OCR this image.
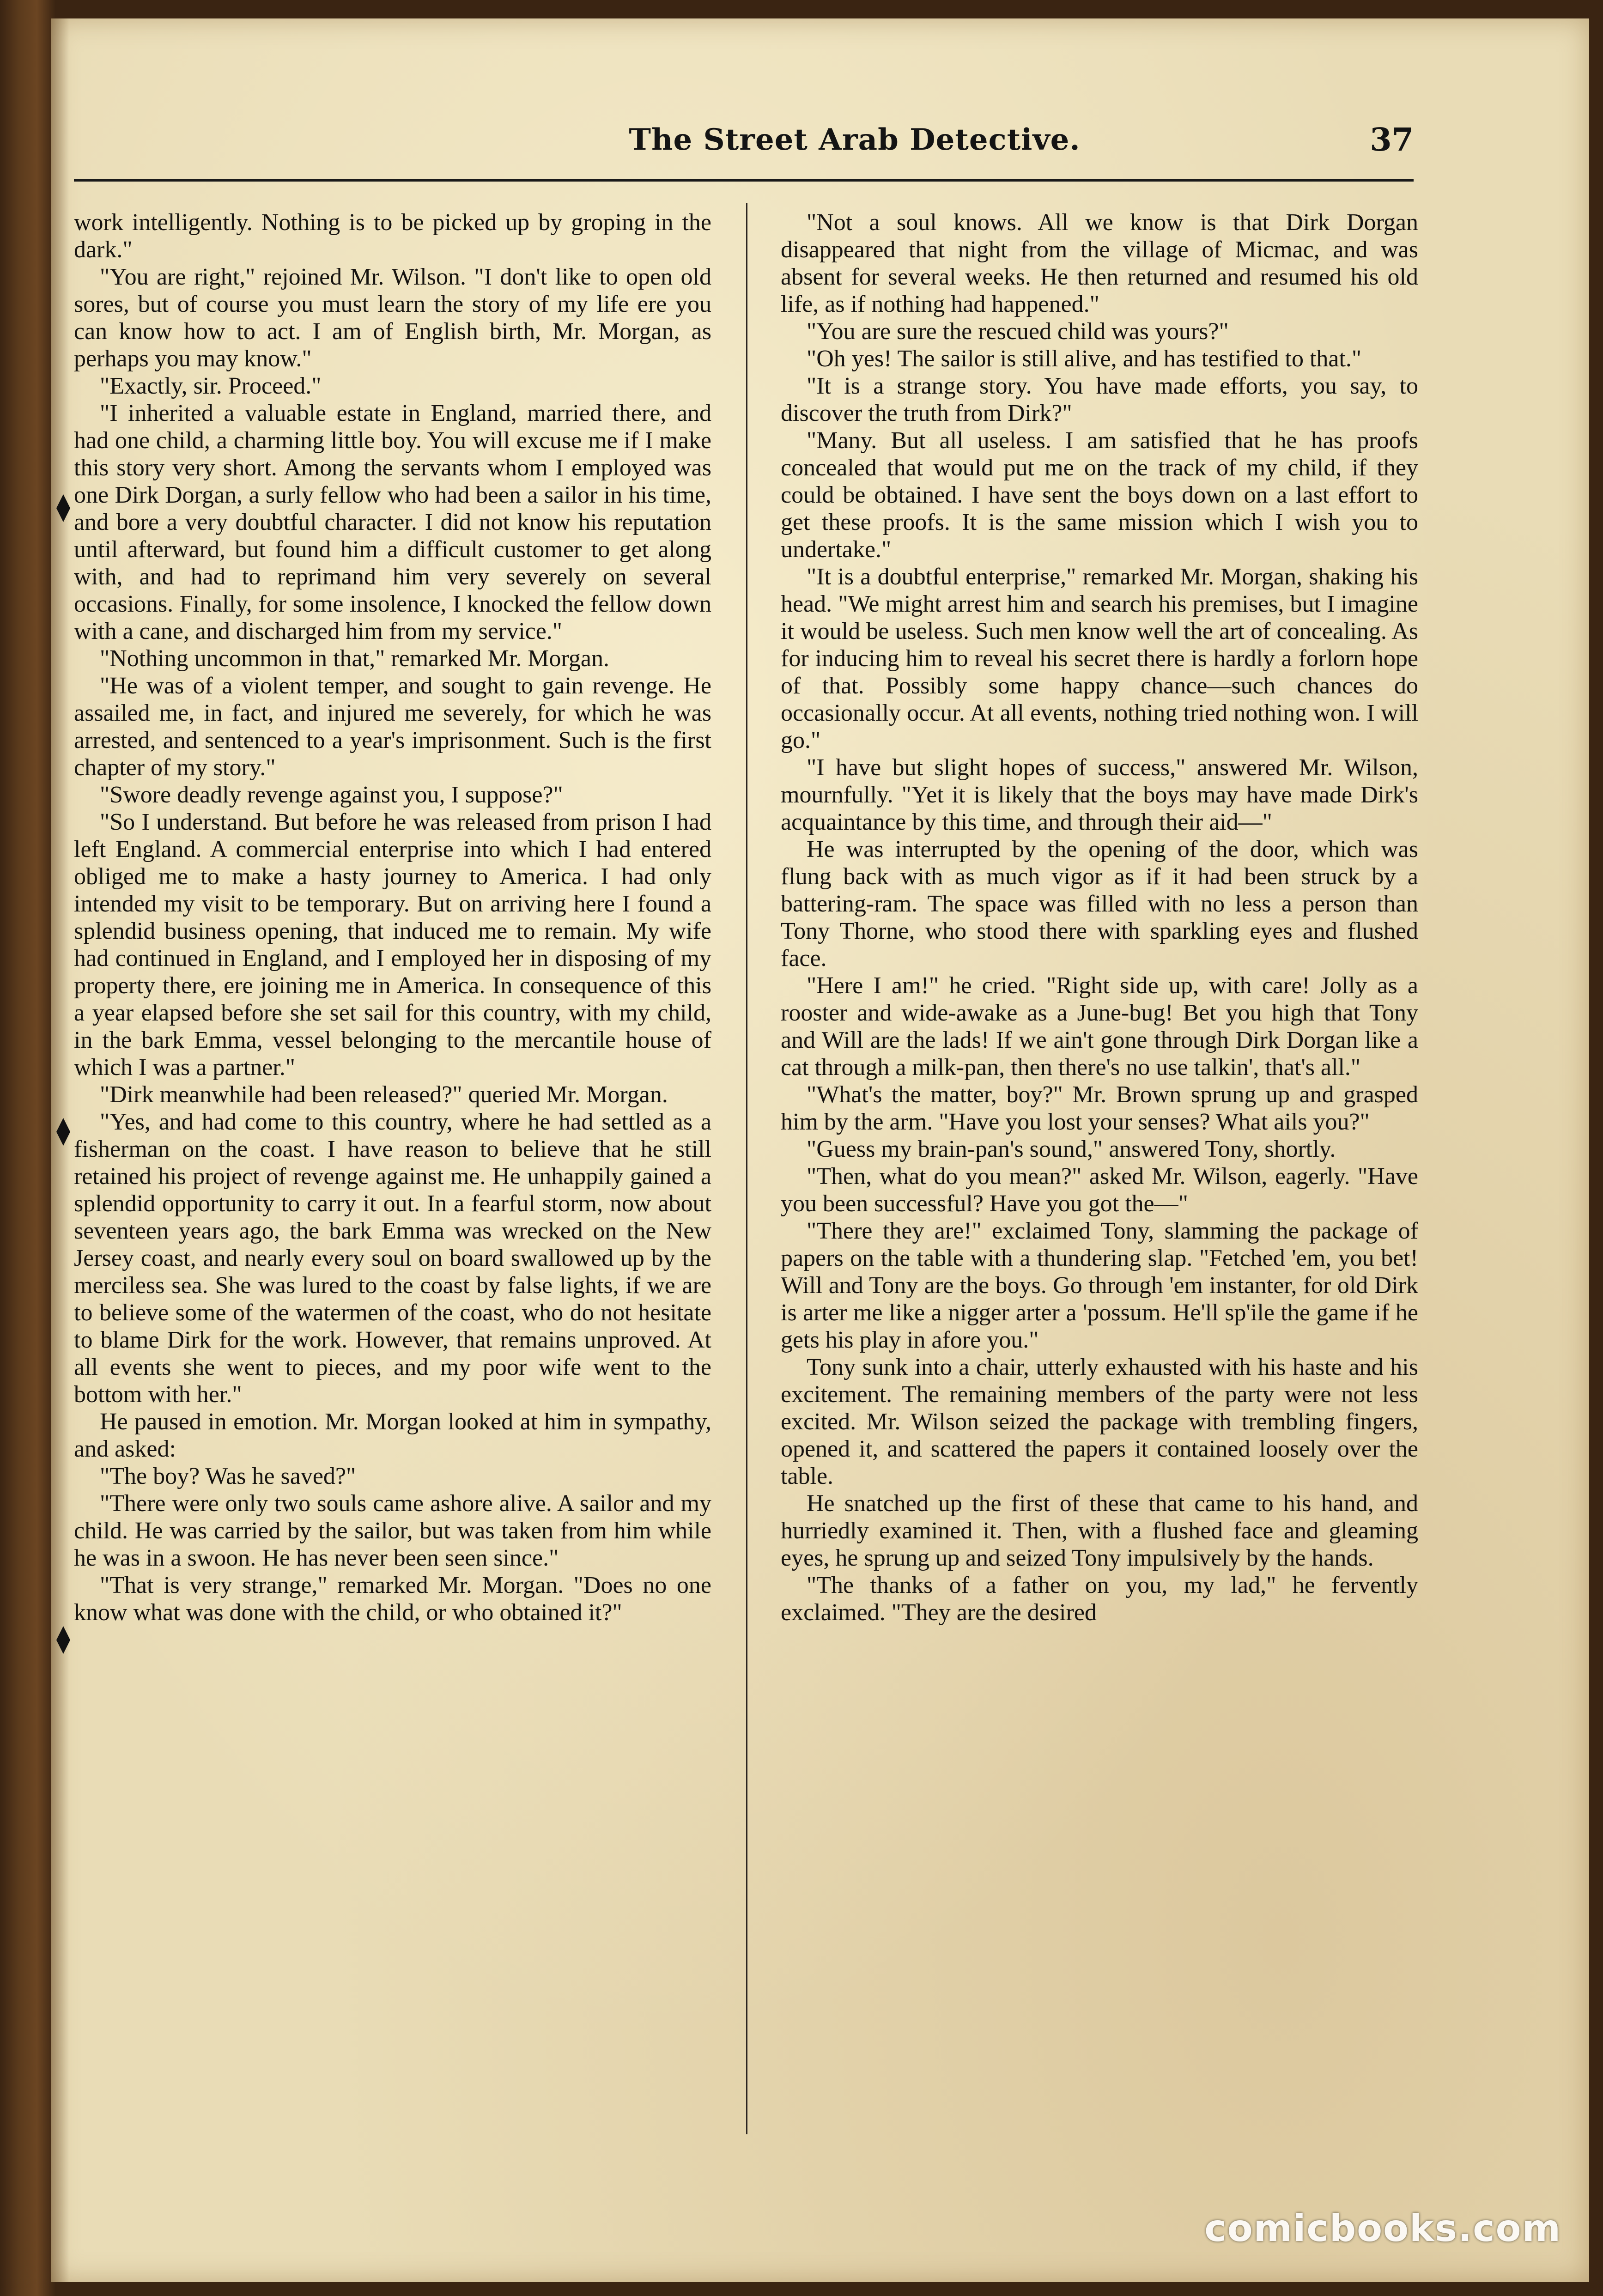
The Street Arab Detective.	37

work intelligently. Nothing is to be picked up by groping in the dark."

"You are right," rejoined Mr. Wilson. "I don't like to open old sores, but of course you must learn the story of my life ere you can know how to act. I am of English birth, Mr. Morgan, as perhaps you may know."

"Exactly, sir. Proceed."

"I inherited a valuable estate in England, married there, and had one child, a charming little boy. You will excuse me if I make this story very short. Among the servants whom I employed was one Dirk Dorgan, a surly fellow who had been a sailor in his time, and bore a very doubtful character. I did not know his reputation until afterward, but found him a difficult customer to get along with, and had to reprimand him very severely on several occasions. Finally, for some insolence, I knocked the fellow down with a cane, and discharged him from my service."

"Nothing uncommon in that," remarked Mr. Morgan.

"He was of a violent temper, and sought to gain revenge. He assailed me, in fact, and injured me severely, for which he was arrested, and sentenced to a year's imprisonment. Such is the first chapter of my story."

"Swore deadly revenge against you, I suppose?"

"So I understand. But before he was released from prison I had left England. A commercial enterprise into which I had entered obliged me to make a hasty journey to America. I had only intended my visit to be temporary. But on arriving here I found a splendid business opening, that induced me to remain. My wife had continued in England, and I employed her in disposing of my property there, ere joining me in America. In consequence of this a year elapsed before she set sail for this country, with my child, in the bark Emma, vessel belonging to the mercantile house of which I was a partner."

"Dirk meanwhile had been released?" queried Mr. Morgan.

"Yes, and had come to this country, where he had settled as a fisherman on the coast. I have reason to believe that he still retained his project of revenge against me. He unhappily gained a splendid opportunity to carry it out. In a fearful storm, now about seventeen years ago, the bark Emma was wrecked on the New Jersey coast, and nearly every soul on board swallowed up by the merciless sea. She was lured to the coast by false lights, if we are to believe some of the watermen of the coast, who do not hesitate to blame Dirk for the work. However, that remains unproved. At all events she went to pieces, and my poor wife went to the bottom with her."

He paused in emotion. Mr. Morgan looked at him in sympathy, and asked:

"The boy? Was he saved?"

"There were only two souls came ashore alive. A sailor and my child. He was carried by the sailor, but was taken from him while he was in a swoon. He has never been seen since."

"That is very strange," remarked Mr. Morgan. "Does no one know what was done with the child, or who obtained it?"

"Not a soul knows. All we know is that Dirk Dorgan disappeared that night from the village of Micmac, and was absent for several weeks. He then returned and resumed his old life, as if nothing had happened."

"You are sure the rescued child was yours?"

"Oh yes! The sailor is still alive, and has testified to that."

"It is a strange story. You have made efforts, you say, to discover the truth from Dirk?"

"Many. But all useless. I am satisfied that he has proofs concealed that would put me on the track of my child, if they could be obtained. I have sent the boys down on a last effort to get these proofs. It is the same mission which I wish you to undertake."

"It is a doubtful enterprise," remarked Mr. Morgan, shaking his head. "We might arrest him and search his premises, but I imagine it would be useless. Such men know well the art of concealing. As for inducing him to reveal his secret there is hardly a forlorn hope of that. Possibly some happy chance—such chances do occasionally occur. At all events, nothing tried nothing won. I will go."

"I have but slight hopes of success," answered Mr. Wilson, mournfully. "Yet it is likely that the boys may have made Dirk's acquaintance by this time, and through their aid—"

He was interrupted by the opening of the door, which was flung back with as much vigor as if it had been struck by a battering-ram. The space was filled with no less a person than Tony Thorne, who stood there with sparkling eyes and flushed face.

"Here I am!" he cried. "Right side up, with care! Jolly as a rooster and wide-awake as a June-bug! Bet you high that Tony and Will are the lads! If we ain't gone through Dirk Dorgan like a cat through a milk-pan, then there's no use talkin', that's all."

"What's the matter, boy?" Mr. Brown sprung up and grasped him by the arm. "Have you lost your senses? What ails you?"

"Guess my brain-pan's sound," answered Tony, shortly.

"Then, what do you mean?" asked Mr. Wilson, eagerly. "Have you been successful? Have you got the—"

"There they are!" exclaimed Tony, slamming the package of papers on the table with a thundering slap. "Fetched 'em, you bet! Will and Tony are the boys. Go through 'em instanter, for old Dirk is arter me like a nigger arter a 'possum. He'll sp'ile the game if he gets his play in afore you."

Tony sunk into a chair, utterly exhausted with his haste and his excitement. The remaining members of the party were not less excited. Mr. Wilson seized the package with trembling fingers, opened it, and scattered the papers it contained loosely over the table.

He snatched up the first of these that came to his hand, and hurriedly examined it. Then, with a flushed face and gleaming eyes, he sprung up and seized Tony impulsively by the hands.

"The thanks of a father on you, my lad," he fervently exclaimed. "They are the desired

comicbooks.com
